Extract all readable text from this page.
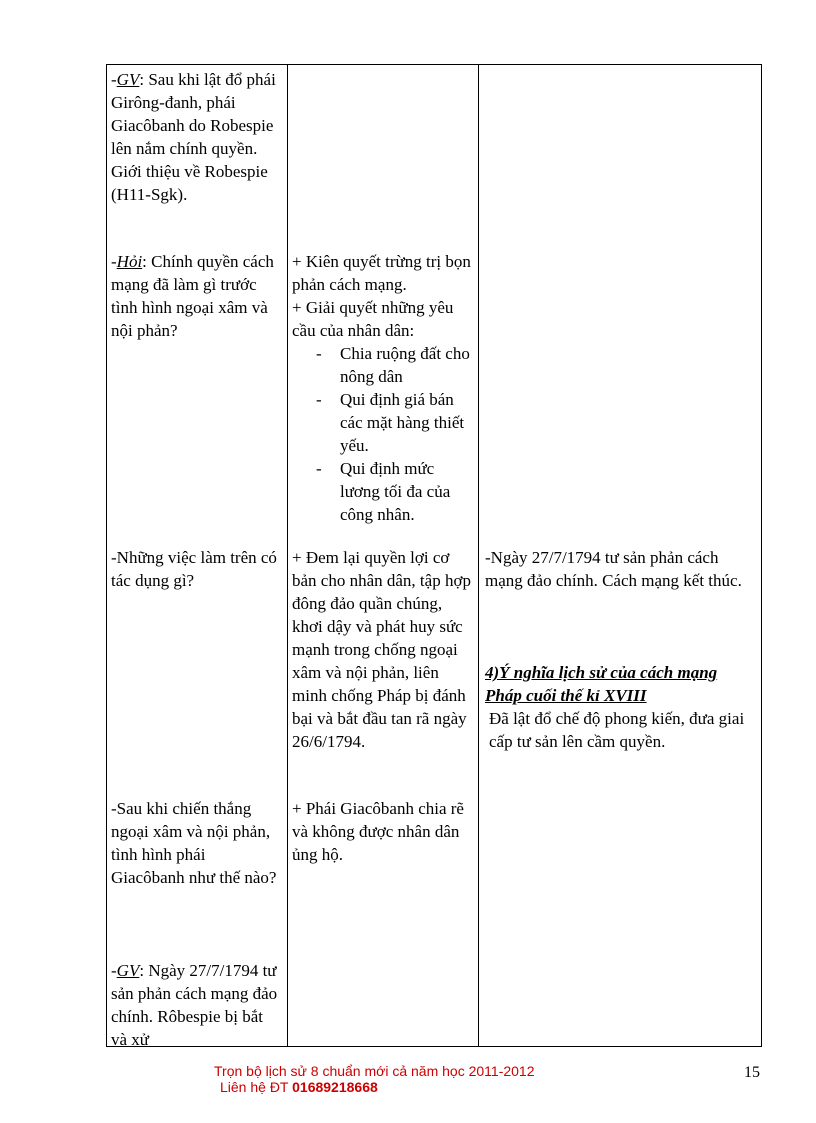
-GV: Sau khi lật đổ phái Girông-đanh, phái Giacôbanh do Robespie lên nắm chính quyền. Giới thiệu về Robespie (H11-Sgk).

-Hỏi: Chính quyền cách mạng đã làm gì trước tình hình ngoại xâm và nội phản?

-Những việc làm trên có tác dụng gì?

-Sau khi chiến thắng ngoại xâm và nội phản, tình hình phái Giacôbanh như thế nào?

-GV: Ngày 27/7/1794 tư sản phản cách mạng đảo chính. Rôbespie bị bắt và xử

+ Kiên quyết trừng trị bọn phản cách mạng.

+ Giải quyết những yêu cầu của nhân dân:

- Chia ruộng đất cho nông dân
- Qui định giá bán các mặt hàng thiết yếu.
- Qui định mức lương tối đa của công nhân.

+ Đem lại quyền lợi cơ bản cho nhân dân, tập hợp đông đảo quần chúng, khơi dậy và phát huy sức mạnh trong chống ngoại xâm và nội phản, liên minh chống Pháp bị đánh bại và bắt đầu tan rã ngày 26/6/1794.

+ Phái Giacôbanh chia rẽ và không được nhân dân ủng hộ.

-Ngày 27/7/1794 tư sản phản cách mạng đảo chính. Cách mạng kết thúc.

4)Ý nghĩa lịch sử của cách mạng Pháp cuối thế kỉ XVIII

Đã lật đổ chế độ phong kiến, đưa giai cấp tư sản lên cầm quyền.

Trọn bộ lịch sử 8 chuẩn mới cả năm học 2011-2012
Liên hệ ĐT 01689218668
15
